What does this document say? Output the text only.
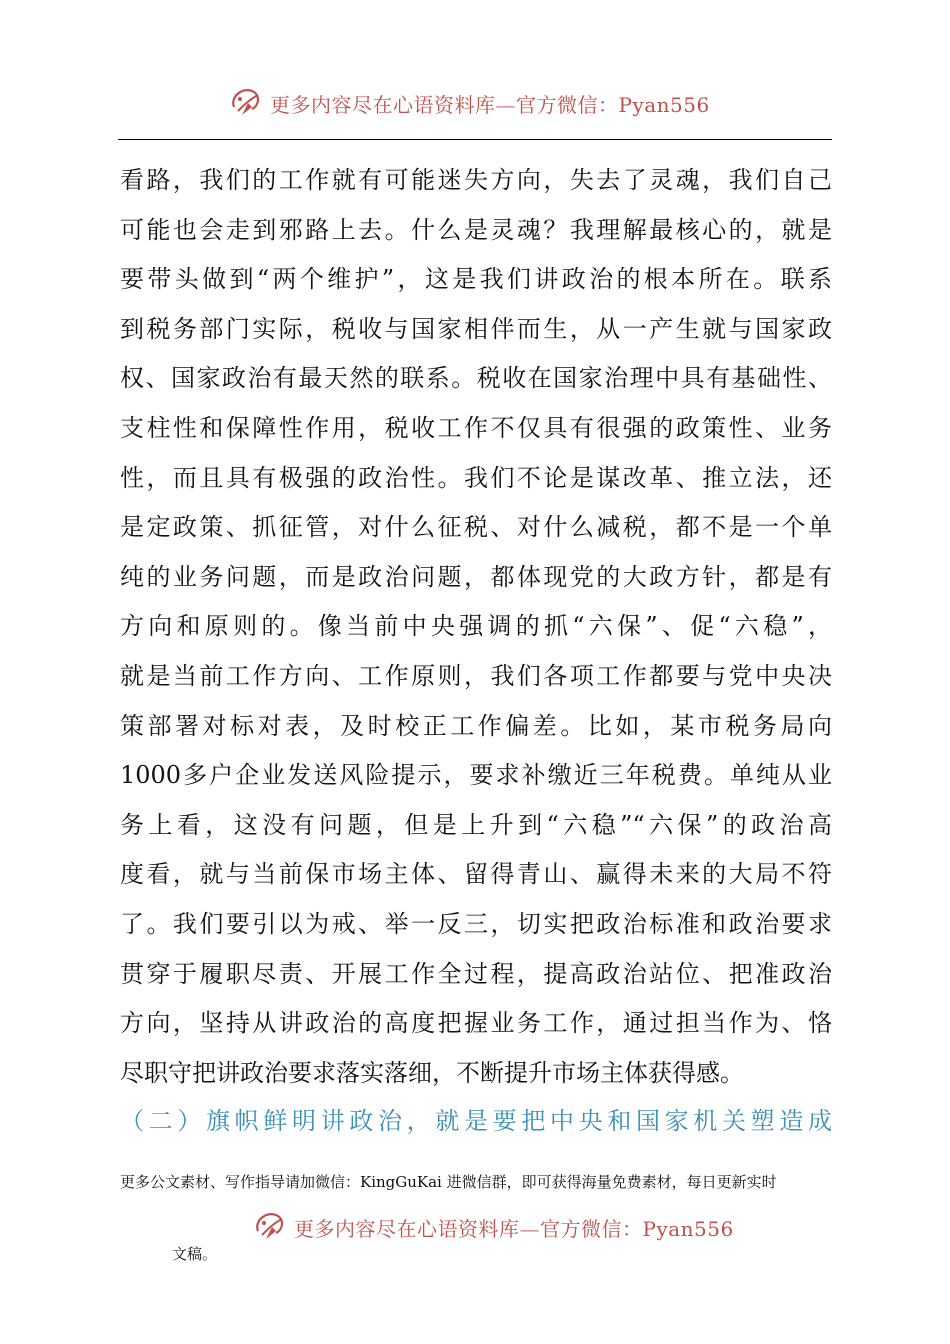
更多内容尽在心语资料库—官方微信：Pyan556
看路，我们的工作就有可能迷失方向，失去了灵魂，我们自己
可能也会走到邪路上去。什么是灵魂？我理解最核心的，就是
要带头做到“两个维护”，这是我们讲政治的根本所在。联系
到税务部门实际，税收与国家相伴而生，从一产生就与国家政
权、国家政治有最天然的联系。税收在国家治理中具有基础性、
支柱性和保障性作用，税收工作不仅具有很强的政策性、业务
性，而且具有极强的政治性。我们不论是谋改革、推立法，还
是定政策、抓征管，对什么征税、对什么减税，都不是一个单
纯的业务问题，而是政治问题，都体现党的大政方针，都是有
方向和原则的。像当前中央强调的抓“六保”、促“六稳”，
就是当前工作方向、工作原则，我们各项工作都要与党中央决
策部署对标对表，及时校正工作偏差。比如，某市税务局向
1000多户企业发送风险提示，要求补缴近三年税费。单纯从业
务上看，这没有问题，但是上升到“六稳”“六保”的政治高
度看，就与当前保市场主体、留得青山、赢得未来的大局不符
了。我们要引以为戒、举一反三，切实把政治标准和政治要求
贯穿于履职尽责、开展工作全过程，提高政治站位、把准政治
方向，坚持从讲政治的高度把握业务工作，通过担当作为、恪
尽职守把讲政治要求落实落细，不断提升市场主体获得感。
（二）旗帜鲜明讲政治，就是要把中央和国家机关塑造成
更多公文素材、写作指导请加微信：KingGuKai 进微信群，即可获得海量免费素材，每日更新实时
更多内容尽在心语资料库—官方微信：Pyan556
文稿。
